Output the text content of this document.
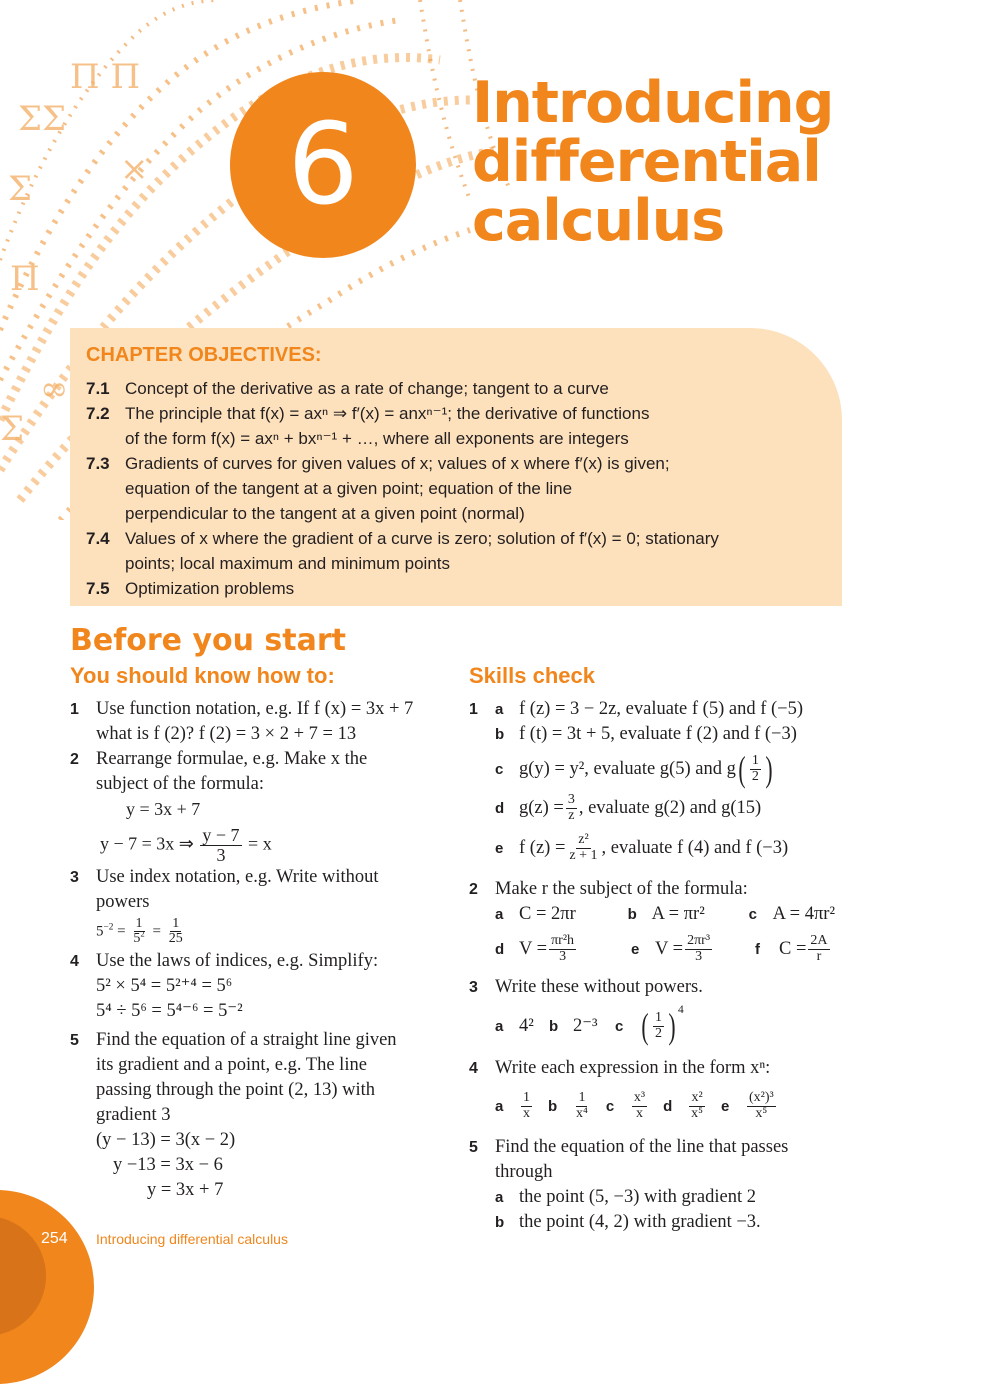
ΣΣ
Π Π
Σ	×
Π
∞
Σ
6	Introducing
differential
calculus
CHAPTER OBJECTIVES:
7.1 Concept of the derivative as a rate of change; tangent to a curve
7.2 The principle that f(x) = axⁿ ⇒ f′(x) = anxⁿ⁻¹; the derivative of functions
of the form f(x) = axⁿ + bxⁿ⁻¹ + …, where all exponents are integers
7.3 Gradients of curves for given values of x; values of x where f′(x) is given;
equation of the tangent at a given point; equation of the line
perpendicular to the tangent at a given point (normal)
7.4 Values of x where the gradient of a curve is zero; solution of f′(x) = 0; stationary
points; local maximum and minimum points
7.5 Optimization problems
Before you start
You should know how to:	Skills check
1 Use function notation, e.g. If f (x) = 3x + 7
what is f (2)? f (2) = 3 × 2 + 7 = 13
2 Rearrange formulae, e.g. Make x the
subject of the formula:
y = 3x + 7
y − 7 = 3x ⇒ $\frac{y - 7}{3} = x$
3 Use index notation, e.g. Write without
powers
$5^{-2} = \frac{1}{5^2} = \frac{1}{25}$
4 Use the laws of indices, e.g. Simplify:
5² × 5⁴ = 5²⁺⁴ = 5⁶
5⁴ ÷ 5⁶ = 5⁴⁻⁶ = 5⁻²
5 Find the equation of a straight line given
its gradient and a point, e.g. The line
passing through the point (2, 13) with
gradient 3
(y − 13) = 3(x − 2)
y −13 = 3x − 6
y = 3x + 7
1 a f (z) = 3 − 2z, evaluate f (5) and f (−5)
b f (t) = 3t + 5, evaluate f (2) and f (−3)
c g(y) = y², evaluate g(5) and g ( $\frac{1}{2}$ )
d $g(z) = \frac{3}{z}$ , evaluate g(2) and g(15)
e f $(z) = \frac{\text{z²}}{z + 1}$ , evaluate f (4) and f (−3)
2 Make r the subject of the formula:
a C = 2πr	b A = πr²	c A = 4πr²
d $V = \frac{\text{πr²h}}{3}$	e $V = \frac{\text{2πr³}}{3}$	f	$C = \frac{2A}{r}$
3 Write these without powers.
a 4² b 2⁻³ c ( $\frac{1}{2}$ ) 4
4 Write each expression in the form xⁿ:
a	$\frac{1}{x}$ b	$\frac{1}{\text{x⁴}}$ c	$\frac{\text{x³}}{x}$ d	$\frac{\text{x²}}{\text{x⁵}}$ e	$\frac{\text{(x²)³}}{\text{x⁵}}$
5 Find the equation of the line that passes
through
a the point (5, −3) with gradient 2
b the point (4, 2) with gradient −3.
254 Introducing differential calculus
